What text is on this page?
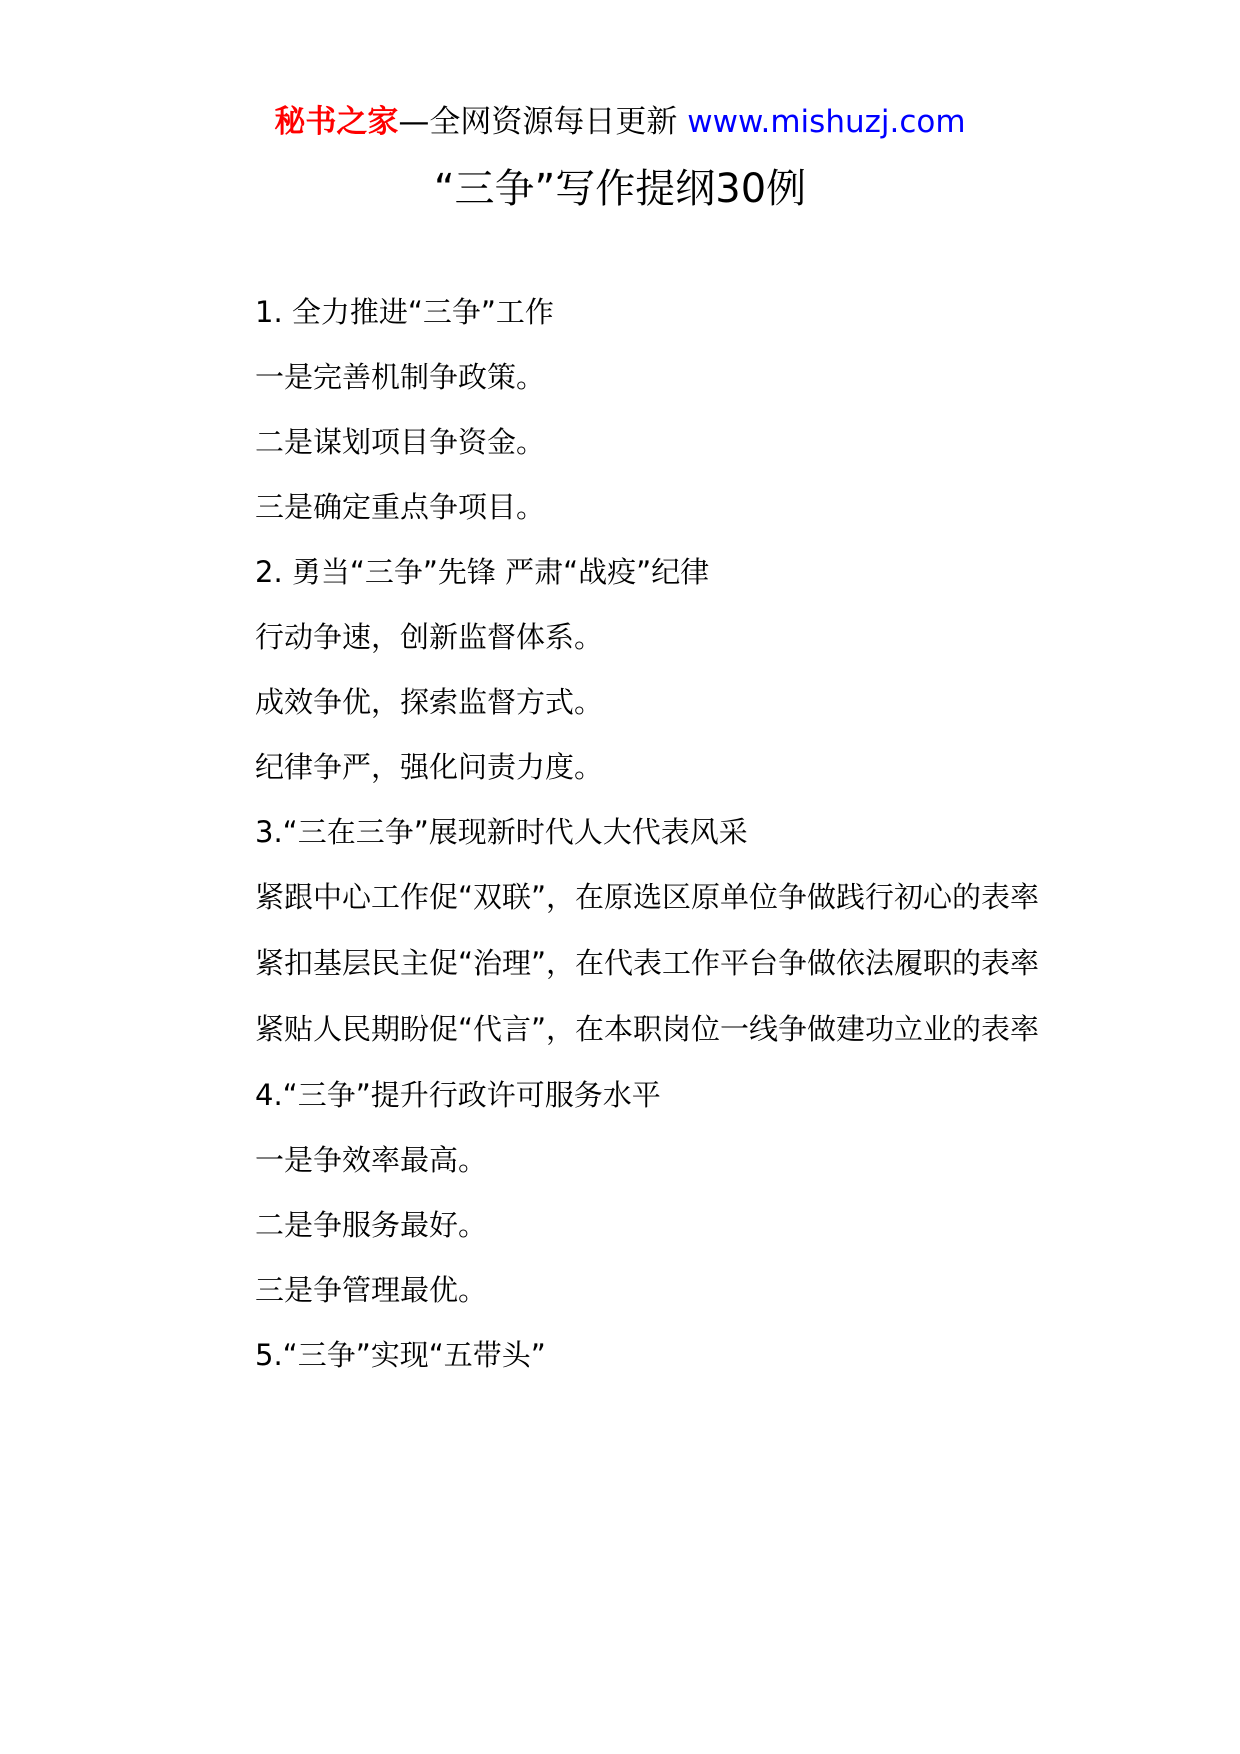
秘书之家—全网资源每日更新 www.mishuzj.com
“三争”写作提纲30例

1. 全力推进“三争”工作

一是完善机制争政策。

二是谋划项目争资金。

三是确定重点争项目。

2. 勇当“三争”先锋 严肃“战疫”纪律

行动争速，创新监督体系。

成效争优，探索监督方式。

纪律争严，强化问责力度。

3.“三在三争”展现新时代人大代表风采

紧跟中心工作促“双联”，在原选区原单位争做践行初心的表率

紧扣基层民主促“治理”，在代表工作平台争做依法履职的表率

紧贴人民期盼促“代言”，在本职岗位一线争做建功立业的表率

4.“三争”提升行政许可服务水平

一是争效率最高。

二是争服务最好。

三是争管理最优。

5.“三争”实现“五带头”
